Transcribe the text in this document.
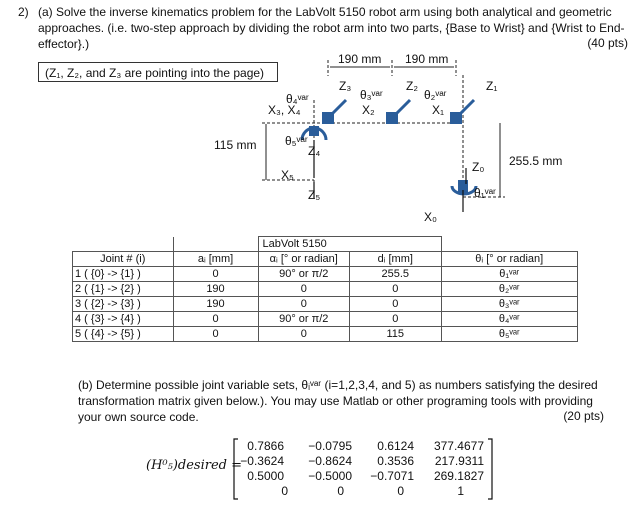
2) (a) Solve the inverse kinematics problem for the LabVolt 5150 robot arm using both analytical and geometric approaches. (i.e. two-step approach by dividing the robot arm into two parts, {Base to Wrist} and {Wrist to End-effector}.)	(40 pts)
(Z₁, Z₂, and Z₃ are pointing into the page)
190 mm 190 mm
115 mm
255.5 mm
θ₄ᵛᵃʳ
Z₃
θ₃ᵛᵃʳ
Z₂
θ₂ᵛᵃʳ
Z₁
X₃, X₄	X₂	X₁
θ₅ᵛᵃʳ
Z₄
X₅
Z₅
Z₀
θ₁ᵛᵃʳ
X₀
		LabVolt 5150		
Joint # (i)	aᵢ [mm]	αᵢ [° or radian]	dᵢ [mm]	θᵢ [° or radian]
1 ( {0} -> {1} )	0	90° or π/2	255.5	θ₁ᵛᵃʳ
2 ( {1} -> {2} )	190	0	0	θ₂ᵛᵃʳ
3 ( {2} -> {3} )	190	0	0	θ₃ᵛᵃʳ
4 ( {3} -> {4} )	0	90° or π/2	0	θ₄ᵛᵃʳ
5 ( {4} -> {5} )	0	0	115	θ₅ᵛᵃʳ
(b) Determine possible joint variable sets, θᵢᵛᵃʳ (i=1,2,3,4, and 5) as numbers satisfying the desired transformation matrix given below.). You may use Matlab or other programing tools with providing your own source code.	(20 pts)
(H⁰₅)desired =
0.7866	−0.0795	0.6124	377.4677
−0.3624	−0.8624	0.3536	217.9311
0.5000	−0.5000	−0.7071	269.1827
0	0	0	1
